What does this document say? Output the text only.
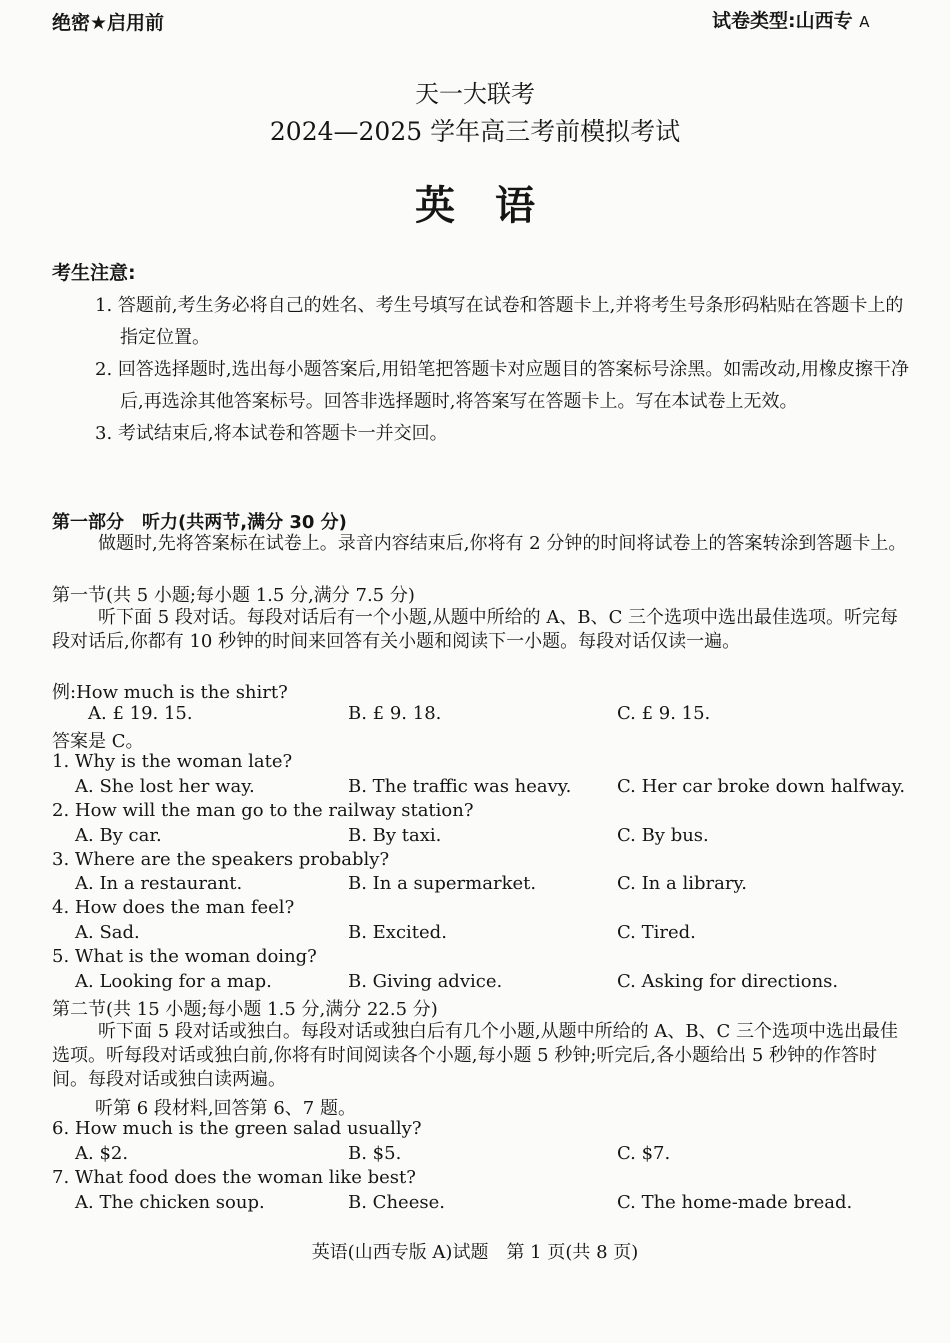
绝密★启用前	试卷类型:山西专 A
天一大联考
2024—2025 学年高三考前模拟考试
英语
考生注意:
1. 答题前,考生务必将自己的姓名、考生号填写在试卷和答题卡上,并将考生号条形码粘贴在答题卡上的指定位置。
2. 回答选择题时,选出每小题答案后,用铅笔把答题卡对应题目的答案标号涂黑。如需改动,用橡皮擦干净后,再选涂其他答案标号。回答非选择题时,将答案写在答题卡上。写在本试卷上无效。
3. 考试结束后,将本试卷和答题卡一并交回。
第一部分　听力(共两节,满分 30 分)
做题时,先将答案标在试卷上。录音内容结束后,你将有 2 分钟的时间将试卷上的答案转涂到答题卡上。
第一节(共 5 小题;每小题 1.5 分,满分 7.5 分)
听下面 5 段对话。每段对话后有一个小题,从题中所给的 A、B、C 三个选项中选出最佳选项。听完每段对话后,你都有 10 秒钟的时间来回答有关小题和阅读下一小题。每段对话仅读一遍。
例:How much is the shirt?
A. £ 19. 15.	B. £ 9. 18.	C. £ 9. 15.
答案是 C。
1. Why is the woman late?
A. She lost her way.	B. The traffic was heavy.	C. Her car broke down halfway.
2. How will the man go to the railway station?
A. By car.	B. By taxi.	C. By bus.
3. Where are the speakers probably?
A. In a restaurant.	B. In a supermarket.	C. In a library.
4. How does the man feel?
A. Sad.	B. Excited.	C. Tired.
5. What is the woman doing?
A. Looking for a map.	B. Giving advice.	C. Asking for directions.
第二节(共 15 小题;每小题 1.5 分,满分 22.5 分)
听下面 5 段对话或独白。每段对话或独白后有几个小题,从题中所给的 A、B、C 三个选项中选出最佳选项。听每段对话或独白前,你将有时间阅读各个小题,每小题 5 秒钟;听完后,各小题给出 5 秒钟的作答时间。每段对话或独白读两遍。
听第 6 段材料,回答第 6、7 题。
6. How much is the green salad usually?
A. $2.	B. $5.	C. $7.
7. What food does the woman like best?
A. The chicken soup.	B. Cheese.	C. The home-made bread.
英语(山西专版 A)试题　第 1 页(共 8 页)
